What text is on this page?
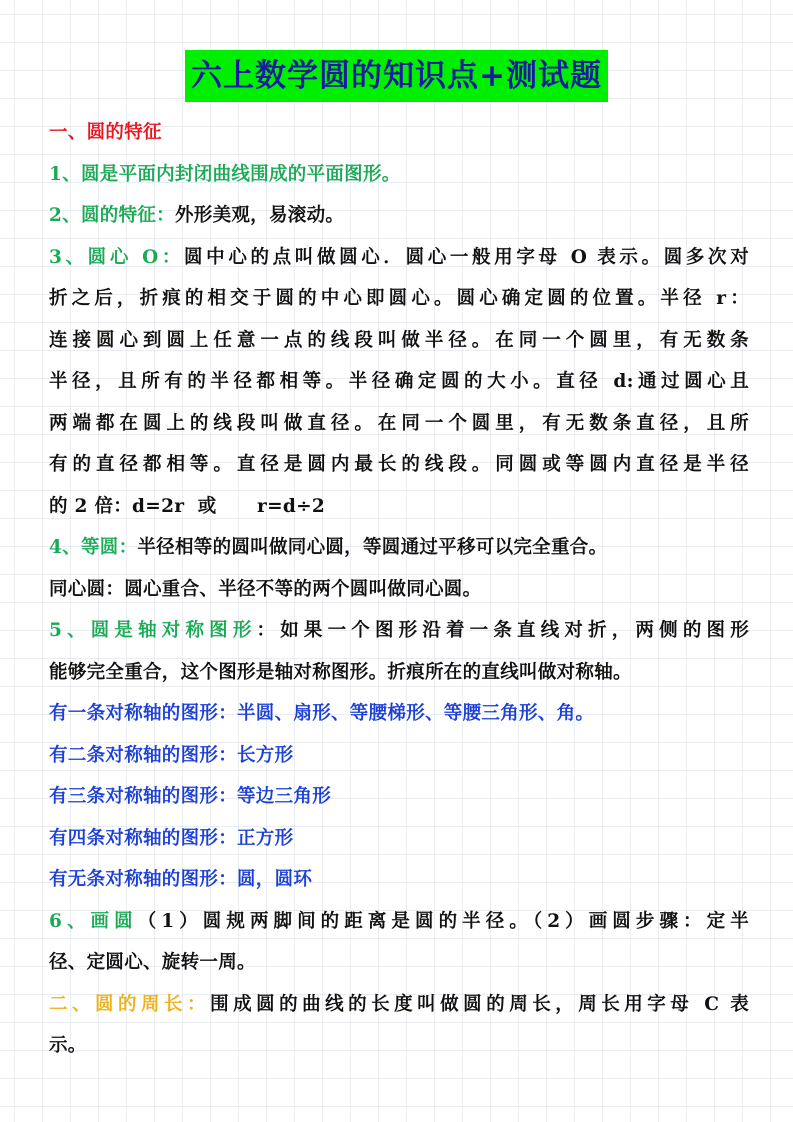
六上数学圆的知识点+测试题
一、圆的特征
1、圆是平面内封闭曲线围成的平面图形。
2、圆的特征：外形美观，易滚动。
3、圆心 O：圆中心的点叫做圆心．圆心一般用字母 O 表示。圆多次对
折之后，折痕的相交于圆的中心即圆心。圆心确定圆的位置。半径 r：
连接圆心到圆上任意一点的线段叫做半径。在同一个圆里，有无数条
半径，且所有的半径都相等。半径确定圆的大小。直径 d:通过圆心且
两端都在圆上的线段叫做直径。在同一个圆里，有无数条直径，且所
有的直径都相等。直径是圆内最长的线段。同圆或等圆内直径是半径
的 2 倍：d=2r  或      r=d÷2
4、等圆：半径相等的圆叫做同心圆，等圆通过平移可以完全重合。
同心圆：圆心重合、半径不等的两个圆叫做同心圆。
5、圆是轴对称图形：如果一个图形沿着一条直线对折，两侧的图形
能够完全重合，这个图形是轴对称图形。折痕所在的直线叫做对称轴。
有一条对称轴的图形：半圆、扇形、等腰梯形、等腰三角形、角。
有二条对称轴的图形：长方形
有三条对称轴的图形：等边三角形
有四条对称轴的图形：正方形
有无条对称轴的图形：圆，圆环
6、画圆（1）圆规两脚间的距离是圆的半径。（2）画圆步骤：定半
径、定圆心、旋转一周。
二、圆的周长：围成圆的曲线的长度叫做圆的周长，周长用字母 C 表
示。
